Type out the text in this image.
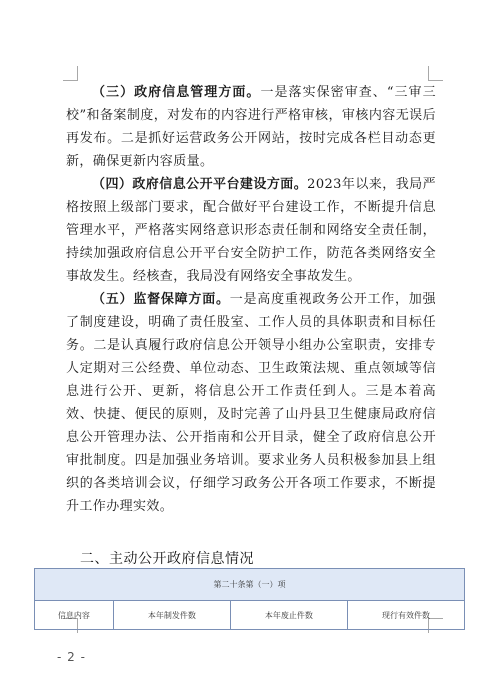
（三）政府信息管理方面。一是落实保密审查、“三审三校”和备案制度，对发布的内容进行严格审核，审核内容无误后再发布。二是抓好运营政务公开网站，按时完成各栏目动态更新，确保更新内容质量。

（四）政府信息公开平台建设方面。2023年以来，我局严格按照上级部门要求，配合做好平台建设工作，不断提升信息管理水平，严格落实网络意识形态责任制和网络安全责任制，持续加强政府信息公开平台安全防护工作，防范各类网络安全事故发生。经核查，我局没有网络安全事故发生。

（五）监督保障方面。一是高度重视政务公开工作，加强了制度建设，明确了责任股室、工作人员的具体职责和目标任务。二是认真履行政府信息公开领导小组办公室职责，安排专人定期对三公经费、单位动态、卫生政策法规、重点领域等信息进行公开、更新，将信息公开工作责任到人。三是本着高效、快捷、便民的原则，及时完善了山丹县卫生健康局政府信息公开管理办法、公开指南和公开目录，健全了政府信息公开审批制度。四是加强业务培训。要求业务人员积极参加县上组织的各类培训会议，仔细学习政务公开各项工作要求，不断提升工作办理实效。

二、主动公开政府信息情况
第二十条第（一）项
信息内容	本年制发件数	本年废止件数	现行有效件数
- 2 -
